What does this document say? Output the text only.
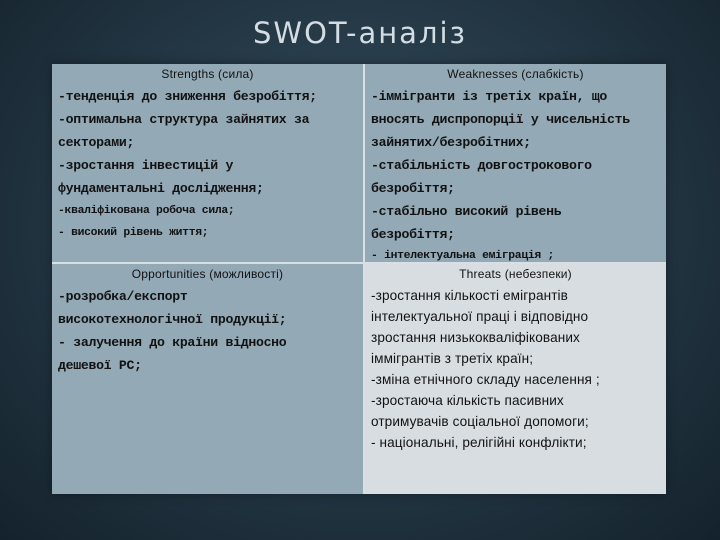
SWOT-аналіз
Strengths (сила)
-тенденція до зниження безробіття;
-оптимальна структура зайнятих за
секторами;
-зростання інвестицій у
фундаментальні дослідження;
-кваліфікована робоча сила;
- високий рівень життя;
Weaknesses (слабкість)
-іммігранти із третіх країн, що
вносять диспропорції у чисельність
зайнятих/безробітних;
-стабільність довгострокового
безробіття;
-стабільно високий рівень
безробіття;
- інтелектуальна еміграція ;
Opportunities (можливості)
-розробка/експорт
високотехнологічної продукції;
- залучення до країни відносно
дешевої РС;
Threats (небезпеки)
-зростання кількості емігрантів
інтелектуальної праці і відповідно
зростання низькокваліфікованих
іммігрантів з третіх країн;
-зміна етнічного складу населення ;
-зростаюча кількість пасивних
отримувачів соціальної допомоги;
- національні, релігійні конфлікти;
